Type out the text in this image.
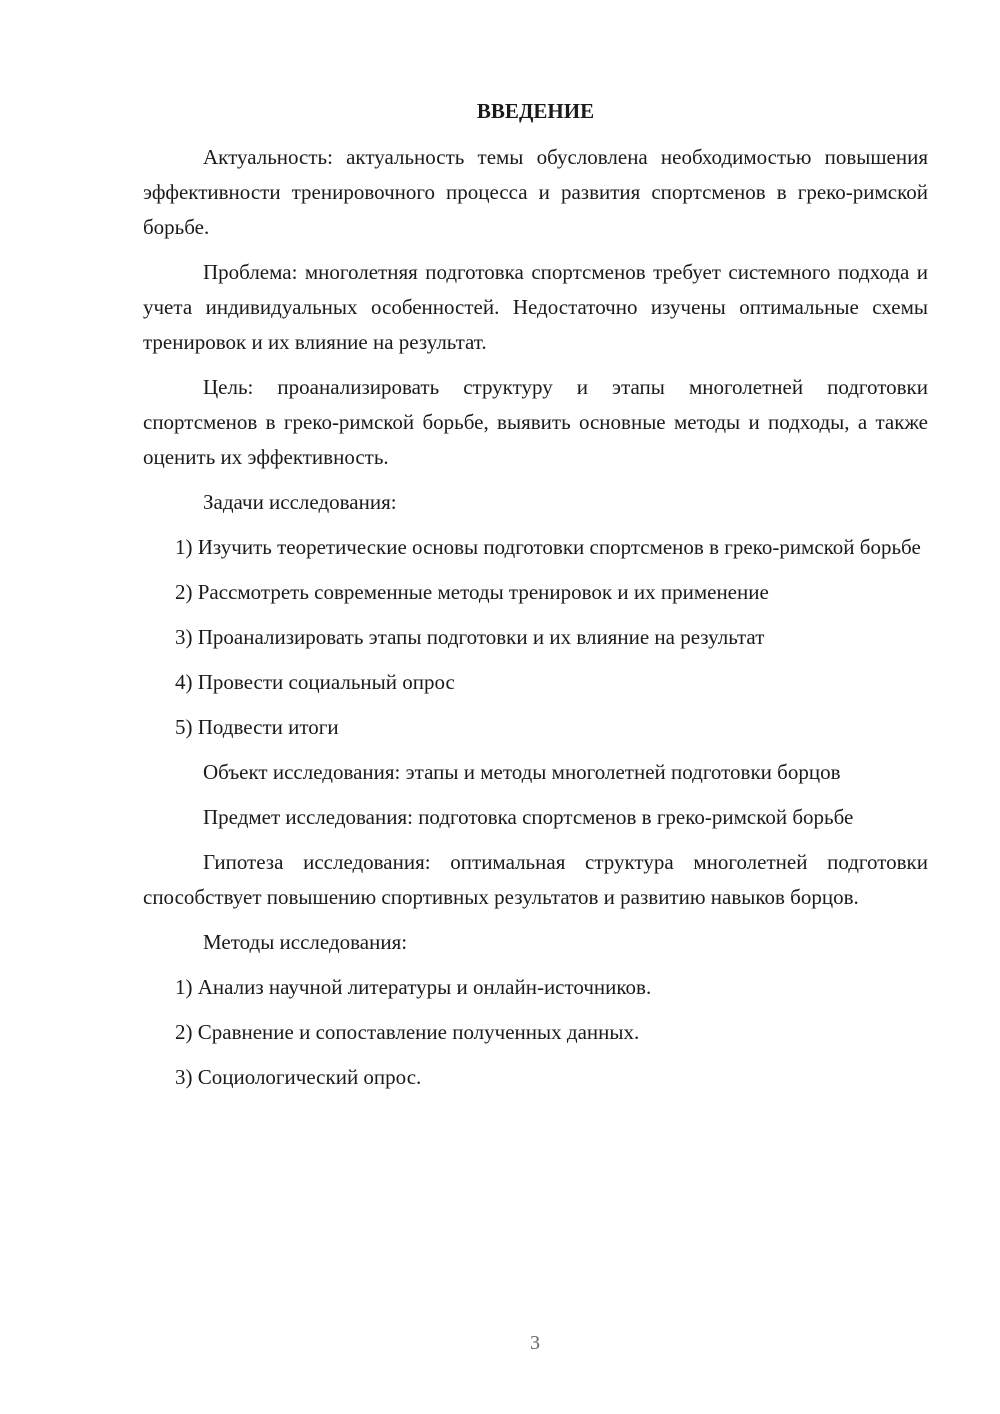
ВВЕДЕНИЕ

Актуальность: актуальность темы обусловлена необходимостью повышения эффективности тренировочного процесса и развития спортсменов в греко-римской борьбе.

Проблема: многолетняя подготовка спортсменов требует системного подхода и учета индивидуальных особенностей. Недостаточно изучены оптимальные схемы тренировок и их влияние на результат.

Цель: проанализировать структуру и этапы многолетней подготовки спортсменов в греко-римской борьбе, выявить основные методы и подходы, а также оценить их эффективность.

Задачи исследования:

1) Изучить теоретические основы подготовки спортсменов в греко-римской борьбе

2) Рассмотреть современные методы тренировок и их применение

3) Проанализировать этапы подготовки и их влияние на результат

4) Провести социальный опрос

5) Подвести итоги

Объект исследования: этапы и методы многолетней подготовки борцов

Предмет исследования: подготовка спортсменов в греко-римской борьбе

Гипотеза исследования: оптимальная структура многолетней подготовки способствует повышению спортивных результатов и развитию навыков борцов.

Методы исследования:

1) Анализ научной литературы и онлайн-источников.

2) Сравнение и сопоставление полученных данных.

3) Социологический опрос.

3
